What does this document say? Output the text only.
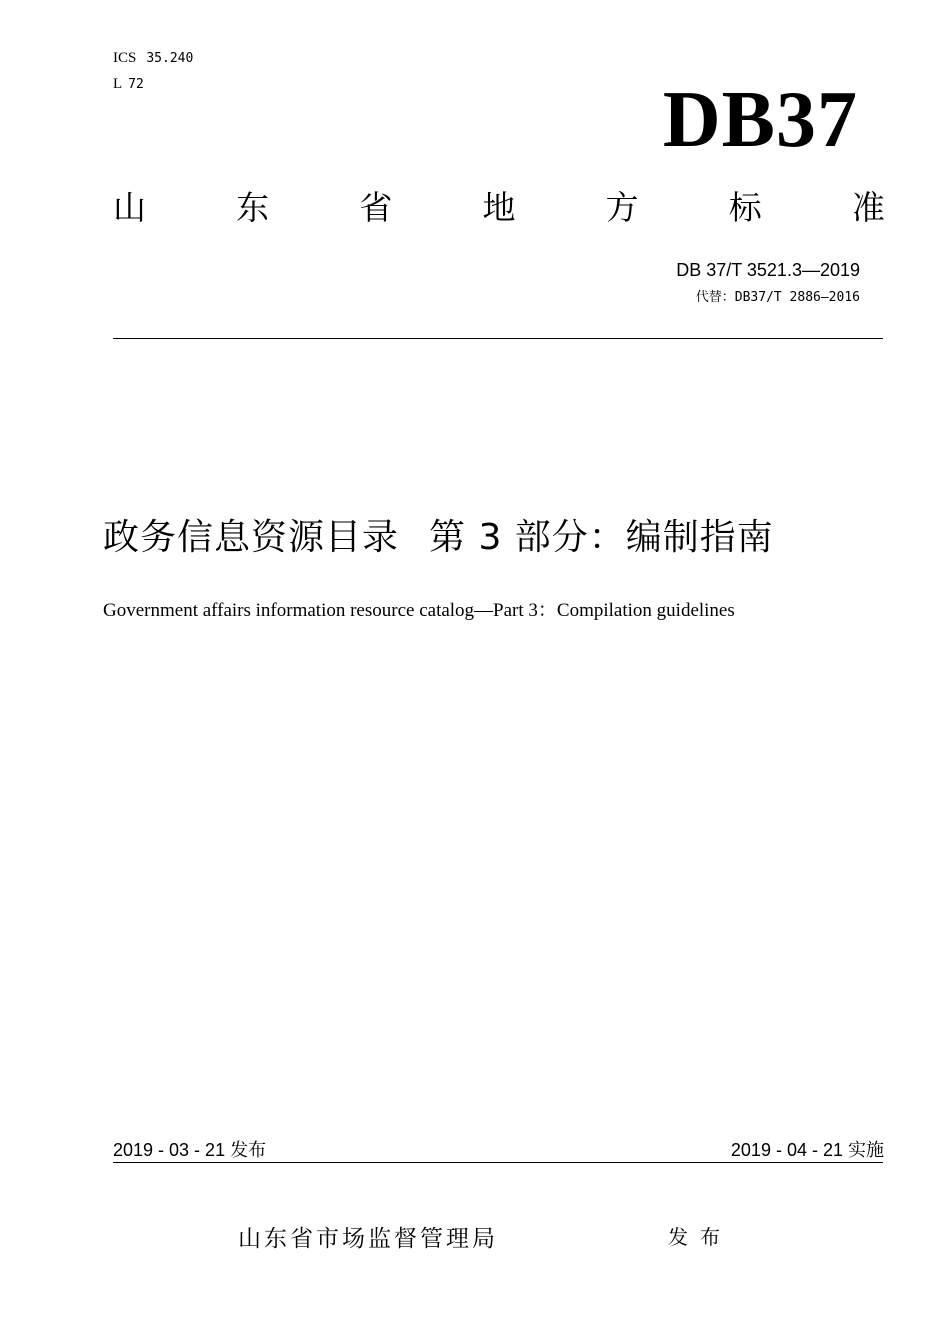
ICS 35.240
L 72	DB37
山	东	省	地	方	标	准
DB 37/T 3521.3—2019
代替：DB37/T 2886—2016
政务信息资源目录 第 3 部分：编制指南
Government affairs information resource catalog—Part 3：Compilation guidelines
2019 - 03 - 21 发布	2019 - 04 - 21 实施
山东省市场监督管理局	发布
